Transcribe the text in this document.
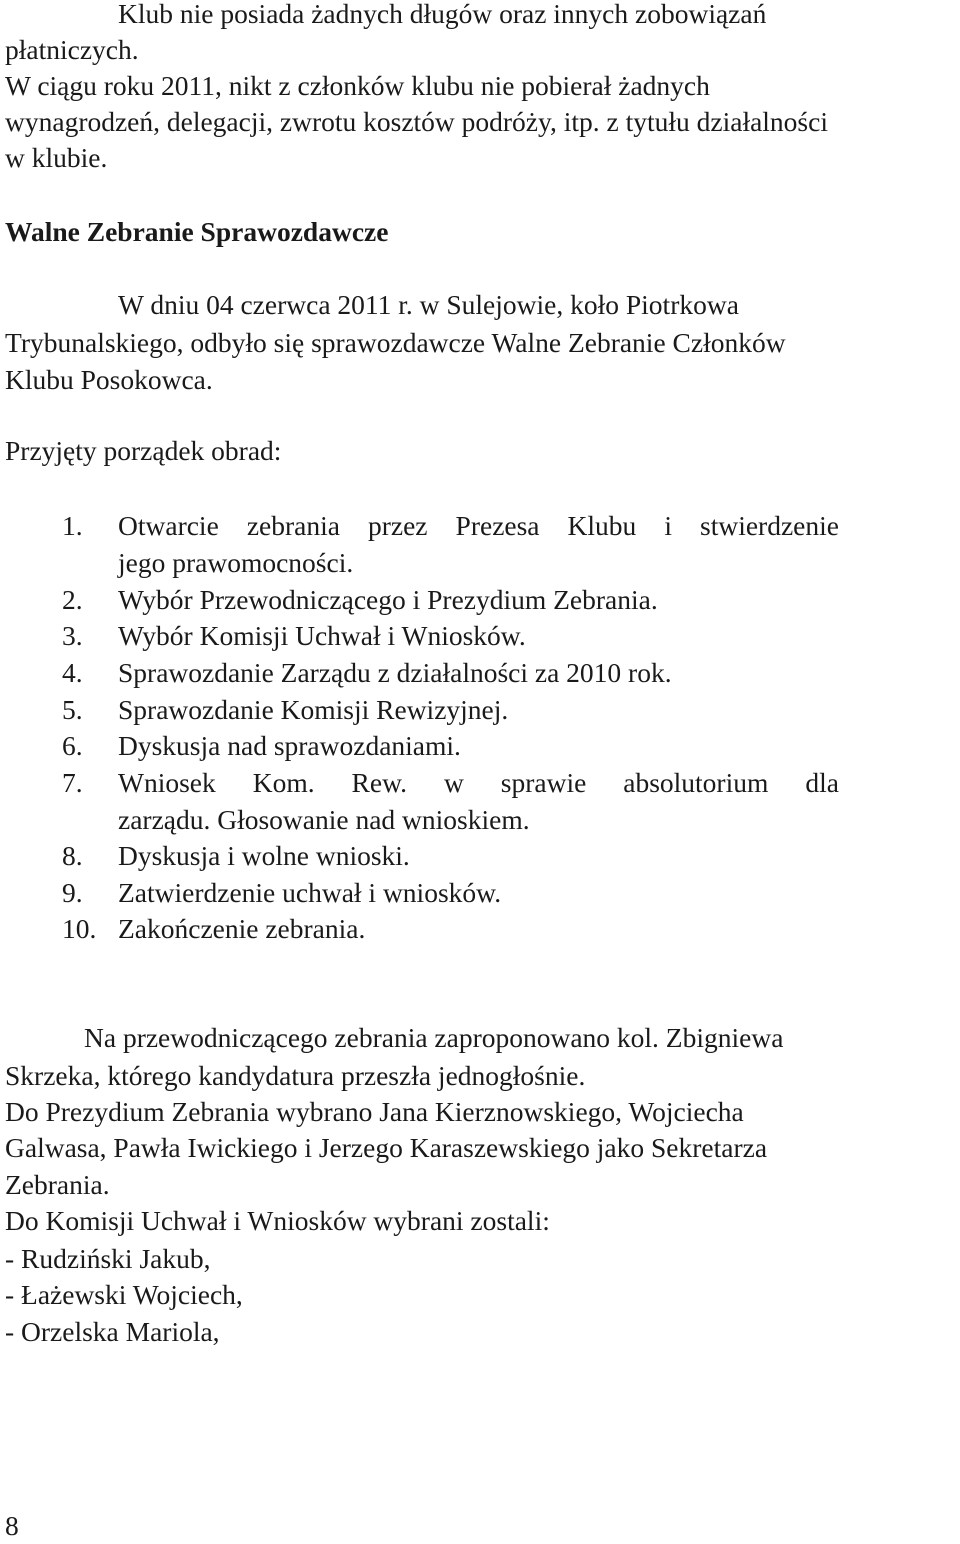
Klub nie posiada żadnych długów oraz innych zobowiązań
płatniczych.
W ciągu roku 2011, nikt z członków klubu nie pobierał żadnych
wynagrodzeń, delegacji, zwrotu kosztów podróży, itp. z tytułu działalności
w klubie.
Walne Zebranie Sprawozdawcze
W dniu 04 czerwca 2011 r. w Sulejowie, koło Piotrkowa
Trybunalskiego, odbyło się sprawozdawcze Walne Zebranie Członków
Klubu Posokowca.
Przyjęty porządek obrad:
1. Otwarcie zebrania przez Prezesa Klubu i stwierdzenie
jego prawomocności.
2. Wybór Przewodniczącego i Prezydium Zebrania.
3. Wybór Komisji Uchwał i Wniosków.
4. Sprawozdanie Zarządu z działalności za 2010 rok.
5. Sprawozdanie Komisji Rewizyjnej.
6. Dyskusja nad sprawozdaniami.
7. Wniosek Kom. Rew. w sprawie absolutorium dla
zarządu. Głosowanie nad wnioskiem.
8. Dyskusja i wolne wnioski.
9. Zatwierdzenie uchwał i wniosków.
10. Zakończenie zebrania.
Na przewodniczącego zebrania zaproponowano kol. Zbigniewa
Skrzeka, którego kandydatura przeszła jednogłośnie.
Do Prezydium Zebrania wybrano Jana Kierznowskiego, Wojciecha
Galwasa, Pawła Iwickiego i Jerzego Karaszewskiego jako Sekretarza
Zebrania.
Do Komisji Uchwał i Wniosków wybrani zostali:
- Rudziński Jakub,
- Łażewski Wojciech,
- Orzelska Mariola,
8
